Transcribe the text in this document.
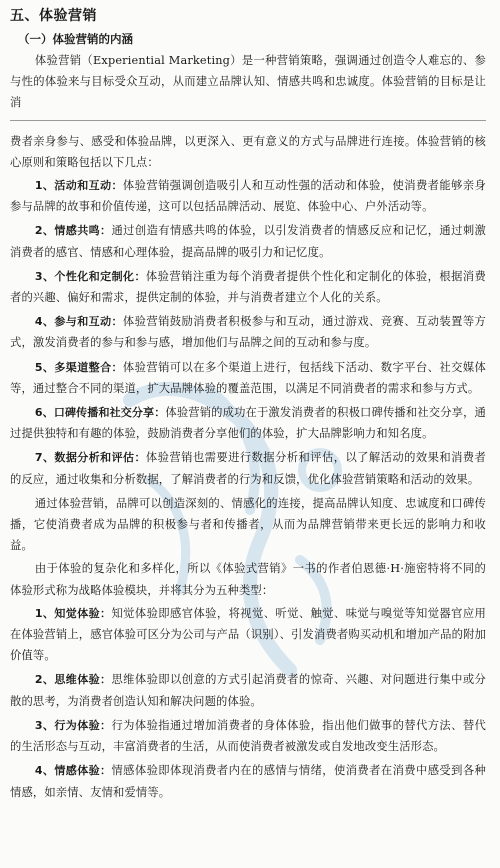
五、体验营销
（一）体验营销的内涵

体验营销（Experiential Marketing）是一种营销策略，强调通过创造令人难忘的、参与性的体验来与目标受众互动，从而建立品牌认知、情感共鸣和忠诚度。体验营销的目标是让消

费者亲身参与、感受和体验品牌，以更深入、更有意义的方式与品牌进行连接。体验营销的核心原则和策略包括以下几点：

1、活动和互动：体验营销强调创造吸引人和互动性强的活动和体验，使消费者能够亲身参与品牌的故事和价值传递，这可以包括品牌活动、展览、体验中心、户外活动等。

2、情感共鸣：通过创造有情感共鸣的体验，以引发消费者的情感反应和记忆，通过刺激消费者的感官、情感和心理体验，提高品牌的吸引力和记忆度。

3、个性化和定制化：体验营销注重为每个消费者提供个性化和定制化的体验，根据消费者的兴趣、偏好和需求，提供定制的体验，并与消费者建立个人化的关系。

4、参与和互动：体验营销鼓励消费者积极参与和互动，通过游戏、竞赛、互动装置等方式，激发消费者的参与和参与感，增加他们与品牌之间的互动和参与度。

5、多渠道整合：体验营销可以在多个渠道上进行，包括线下活动、数字平台、社交媒体等，通过整合不同的渠道，扩大品牌体验的覆盖范围，以满足不同消费者的需求和参与方式。

6、口碑传播和社交分享：体验营销的成功在于激发消费者的积极口碑传播和社交分享，通过提供独特和有趣的体验，鼓励消费者分享他们的体验，扩大品牌影响力和知名度。

7、数据分析和评估：体验营销也需要进行数据分析和评估，以了解活动的效果和消费者的反应，通过收集和分析数据，了解消费者的行为和反馈，优化体验营销策略和活动的效果。

通过体验营销，品牌可以创造深刻的、情感化的连接，提高品牌认知度、忠诚度和口碑传播，它使消费者成为品牌的积极参与者和传播者，从而为品牌营销带来更长远的影响力和收益。

由于体验的复杂化和多样化，所以《体验式营销》一书的作者伯恩德·H·施密特将不同的体验形式称为战略体验模块，并将其分为五种类型：

1、知觉体验：知觉体验即感官体验，将视觉、听觉、触觉、味觉与嗅觉等知觉器官应用在体验营销上，感官体验可区分为公司与产品（识别）、引发消费者购买动机和增加产品的附加价值等。

2、思维体验：思维体验即以创意的方式引起消费者的惊奇、兴趣、对问题进行集中或分散的思考，为消费者创造认知和解决问题的体验。

3、行为体验：行为体验指通过增加消费者的身体体验，指出他们做事的替代方法、替代的生活形态与互动，丰富消费者的生活，从而使消费者被激发或自发地改变生活形态。

4、情感体验：情感体验即体现消费者内在的感情与情绪，使消费者在消费中感受到各种情感，如亲情、友情和爱情等。
